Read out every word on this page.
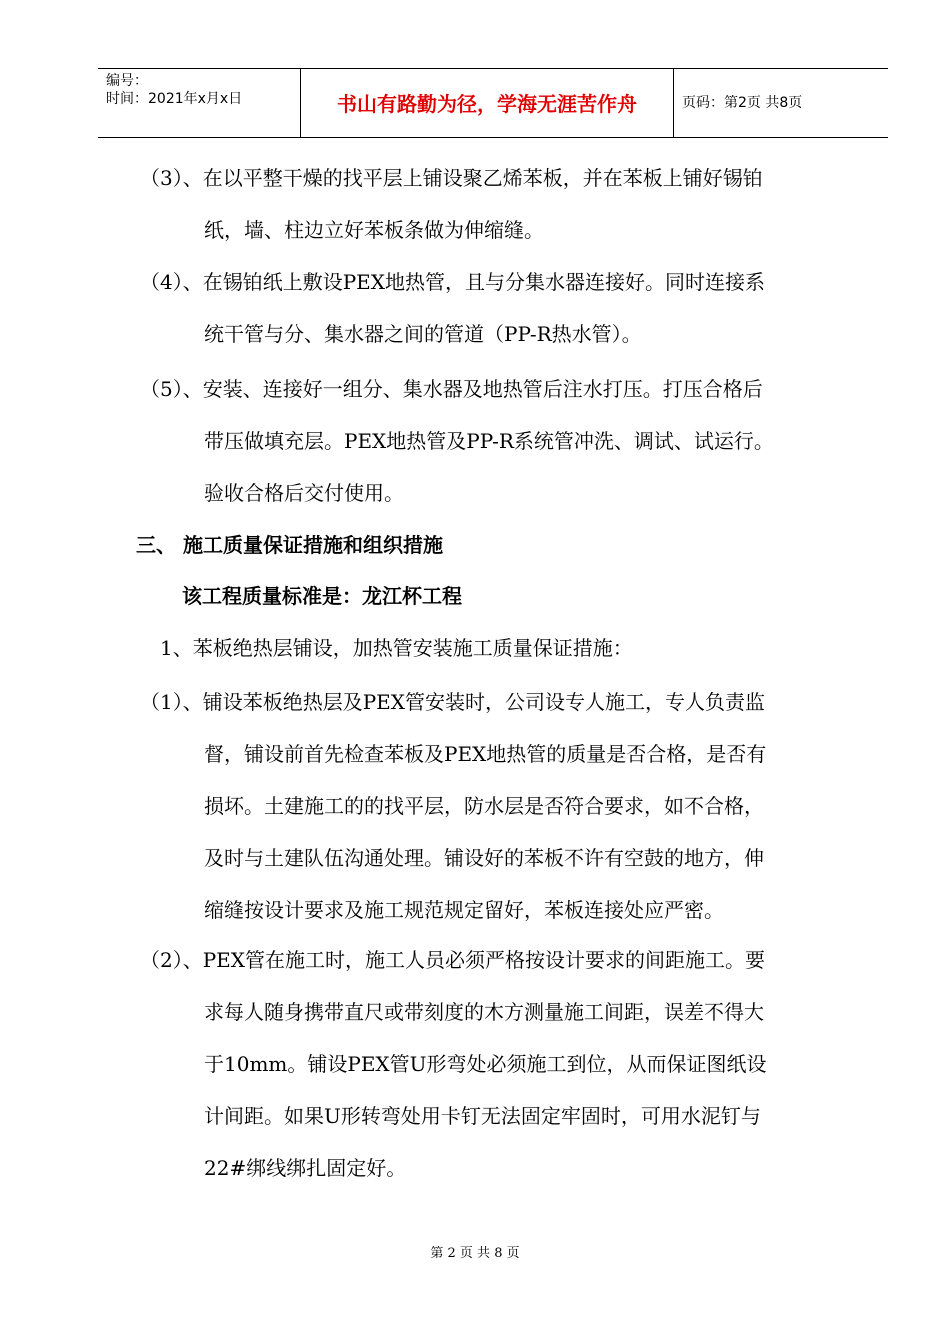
编号：
时间：2021年x月x日	书山有路勤为径，学海无涯苦作舟	页码：第2页 共8页
（3）、在以平整干燥的找平层上铺设聚乙烯苯板，并在苯板上铺好锡铂
纸，墙、柱边立好苯板条做为伸缩缝。
（4）、在锡铂纸上敷设PEX地热管，且与分集水器连接好。同时连接系
统干管与分、集水器之间的管道（PP-R热水管）。
（5）、安装、连接好一组分、集水器及地热管后注水打压。打压合格后
带压做填充层。PEX地热管及PP-R系统管冲洗、调试、试运行。
验收合格后交付使用。
三、 施工质量保证措施和组织措施
该工程质量标准是：龙江杯工程
1、苯板绝热层铺设，加热管安装施工质量保证措施：
（1）、铺设苯板绝热层及PEX管安装时，公司设专人施工，专人负责监
督，铺设前首先检查苯板及PEX地热管的质量是否合格，是否有
损坏。土建施工的的找平层，防水层是否符合要求，如不合格，
及时与土建队伍沟通处理。铺设好的苯板不许有空鼓的地方，伸
缩缝按设计要求及施工规范规定留好，苯板连接处应严密。
（2）、PEX管在施工时，施工人员必须严格按设计要求的间距施工。要
求每人随身携带直尺或带刻度的木方测量施工间距，误差不得大
于10mm。铺设PEX管U形弯处必须施工到位，从而保证图纸设
计间距。如果U形转弯处用卡钉无法固定牢固时，可用水泥钉与
22#绑线绑扎固定好。
第 2 页 共 8 页
